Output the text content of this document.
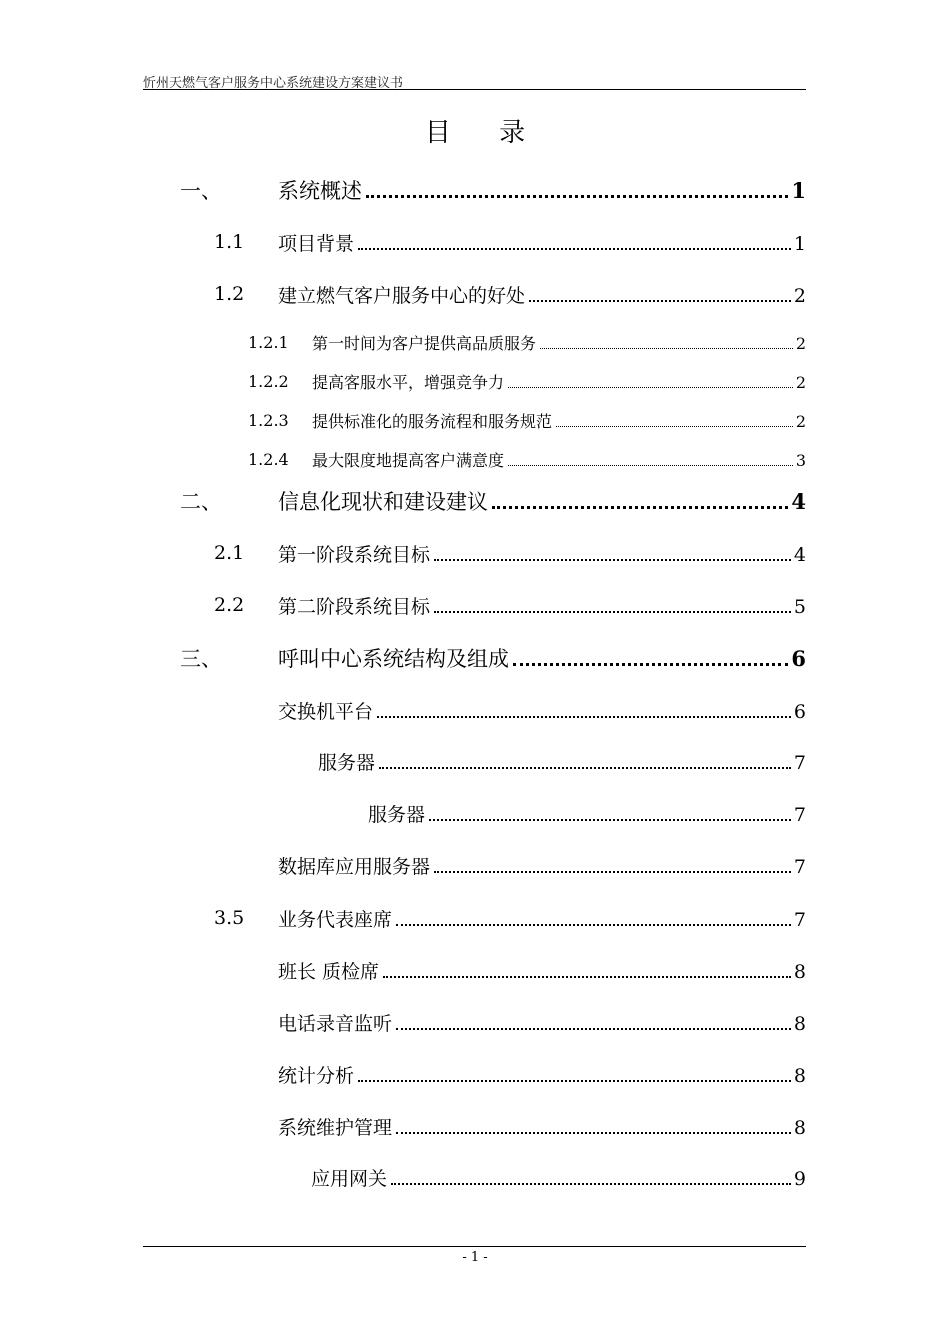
忻州天燃气客户服务中心系统建设方案建议书
目 录
一、	系统概述	1
1.1 项目背景	1
1.2 建立燃气客户服务中心的好处	2
1.2.1 第一时间为客户提供高品质服务	2
1.2.2 提高客服水平，增强竞争力	2
1.2.3 提供标准化的服务流程和服务规范	2
1.2.4 最大限度地提高客户满意度	3
二、	信息化现状和建设建议	4
2.1 第一阶段系统目标	4
2.2 第二阶段系统目标	5
三、	呼叫中心系统结构及组成	6
交换机平台	6
服务器	7
服务器	7
数据库应用服务器	7
3.5 业务代表座席	7
班长 质检席	8
电话录音监听	8
统计分析	8
系统维护管理	8
应用网关	9
- 1 -
